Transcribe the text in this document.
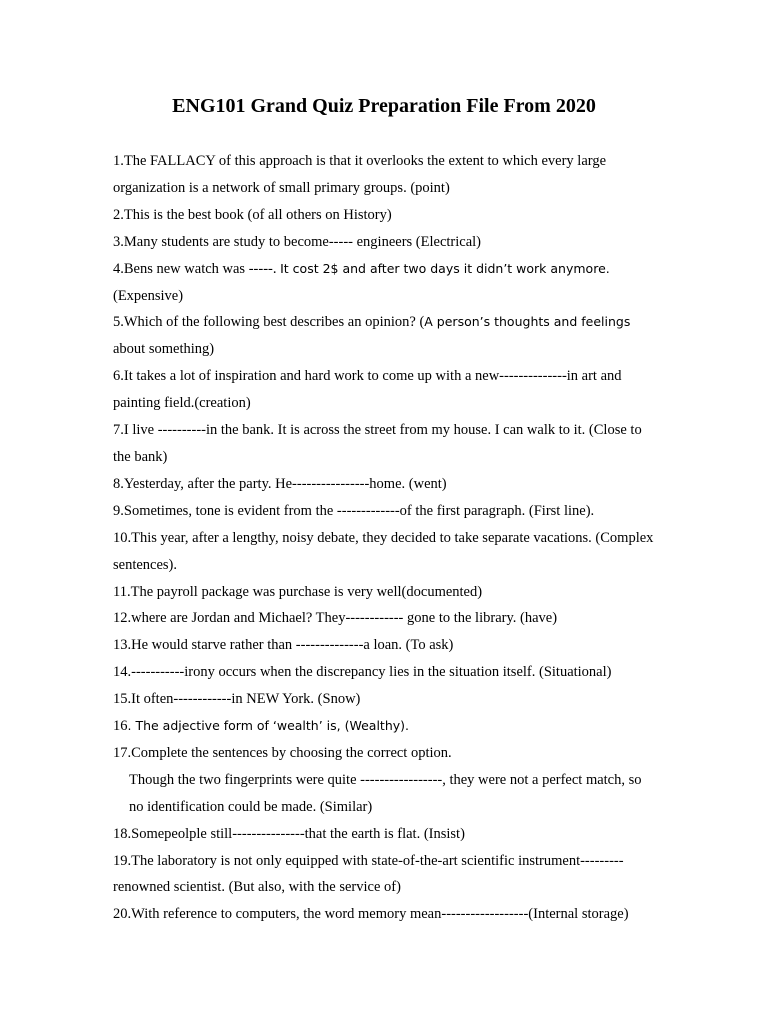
ENG101 Grand Quiz Preparation File From 2020

1.The FALLACY of this approach is that it overlooks the extent to which every large organization is a network of small primary groups. (point)

2.This is the best book (of all others on History)

3.Many students are study to become----- engineers (Electrical)

4.Bens new watch was -----. It cost 2$ and after two days it didn’t work anymore. (Expensive)

5.Which of the following best describes an opinion? (A person’s thoughts and feelings about something)

6.It takes a lot of inspiration and hard work to come up with a new--------------in art and painting field.(creation)

7.I live ----------in the bank. It is across the street from my house. I can walk to it. (Close to the bank)

8.Yesterday, after the party. He----------------home. (went)

9.Sometimes, tone is evident from the -------------of the first paragraph. (First line).

10.This year, after a lengthy, noisy debate, they decided to take separate vacations. (Complex sentences).

11.The payroll package was purchase is very well(documented)

12.where are Jordan and Michael? They------------ gone to the library. (have)

13.He would starve rather than --------------a loan. (To ask)

14.-----------irony occurs when the discrepancy lies in the situation itself. (Situational)

15.It often------------in NEW York. (Snow)

16. The adjective form of ‘wealth’ is, (Wealthy).

17.Complete the sentences by choosing the correct option.
Though the two fingerprints were quite -----------------, they were not a perfect match, so no identification could be made. (Similar)

18.Somepeolple still---------------that the earth is flat. (Insist)

19.The laboratory is not only equipped with state-of-the-art scientific instrument---------renowned scientist. (But also, with the service of)

20.With reference to computers, the word memory mean------------------(Internal storage)
